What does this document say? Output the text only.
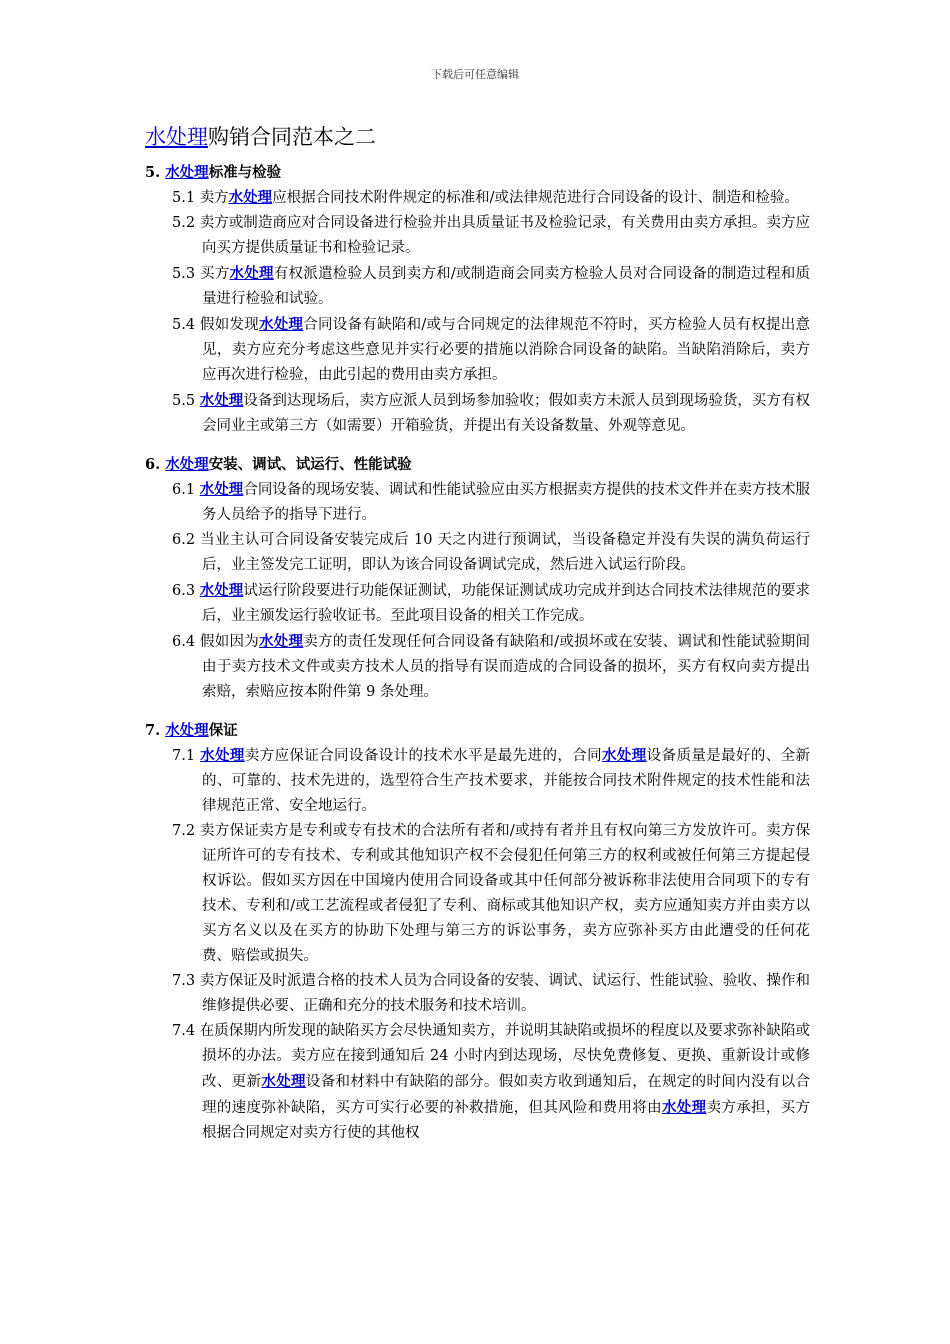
下载后可任意编辑
水处理购销合同范本之二
5. 水处理标准与检验
5.1 卖方水处理应根据合同技术附件规定的标准和/或法律规范进行合同设备的设计、制造和检验。
5.2 卖方或制造商应对合同设备进行检验并出具质量证书及检验记录，有关费用由卖方承担。卖方应向买方提供质量证书和检验记录。
5.3 买方水处理有权派遣检验人员到卖方和/或制造商会同卖方检验人员对合同设备的制造过程和质量进行检验和试验。
5.4 假如发现水处理合同设备有缺陷和/或与合同规定的法律规范不符时，买方检验人员有权提出意见，卖方应充分考虑这些意见并实行必要的措施以消除合同设备的缺陷。当缺陷消除后，卖方应再次进行检验，由此引起的费用由卖方承担。
5.5 水处理设备到达现场后，卖方应派人员到场参加验收；假如卖方未派人员到现场验货，买方有权会同业主或第三方（如需要）开箱验货，并提出有关设备数量、外观等意见。
6. 水处理安装、调试、试运行、性能试验
6.1 水处理合同设备的现场安装、调试和性能试验应由买方根据卖方提供的技术文件并在卖方技术服务人员给予的指导下进行。
6.2 当业主认可合同设备安装完成后 10 天之内进行预调试，当设备稳定并没有失误的满负荷运行后，业主签发完工证明，即认为该合同设备调试完成，然后进入试运行阶段。
6.3 水处理试运行阶段要进行功能保证测试，功能保证测试成功完成并到达合同技术法律规范的要求后，业主颁发运行验收证书。至此项目设备的相关工作完成。
6.4 假如因为水处理卖方的责任发现任何合同设备有缺陷和/或损坏或在安装、调试和性能试验期间由于卖方技术文件或卖方技术人员的指导有误而造成的合同设备的损坏，买方有权向卖方提出索赔，索赔应按本附件第 9 条处理。
7. 水处理保证
7.1 水处理卖方应保证合同设备设计的技术水平是最先进的，合同水处理设备质量是最好的、全新的、可靠的、技术先进的，选型符合生产技术要求，并能按合同技术附件规定的技术性能和法律规范正常、安全地运行。
7.2 卖方保证卖方是专利或专有技术的合法所有者和/或持有者并且有权向第三方发放许可。卖方保证所许可的专有技术、专利或其他知识产权不会侵犯任何第三方的权利或被任何第三方提起侵权诉讼。假如买方因在中国境内使用合同设备或其中任何部分被诉称非法使用合同项下的专有技术、专利和/或工艺流程或者侵犯了专利、商标或其他知识产权，卖方应通知卖方并由卖方以买方名义以及在买方的协助下处理与第三方的诉讼事务，卖方应弥补买方由此遭受的任何花费、赔偿或损失。
7.3 卖方保证及时派遣合格的技术人员为合同设备的安装、调试、试运行、性能试验、验收、操作和维修提供必要、正确和充分的技术服务和技术培训。
7.4 在质保期内所发现的缺陷买方会尽快通知卖方，并说明其缺陷或损坏的程度以及要求弥补缺陷或损坏的办法。卖方应在接到通知后 24 小时内到达现场，尽快免费修复、更换、重新设计或修改、更新水处理设备和材料中有缺陷的部分。假如卖方收到通知后，在规定的时间内没有以合理的速度弥补缺陷，买方可实行必要的补救措施，但其风险和费用将由水处理卖方承担，买方根据合同规定对卖方行使的其他权
